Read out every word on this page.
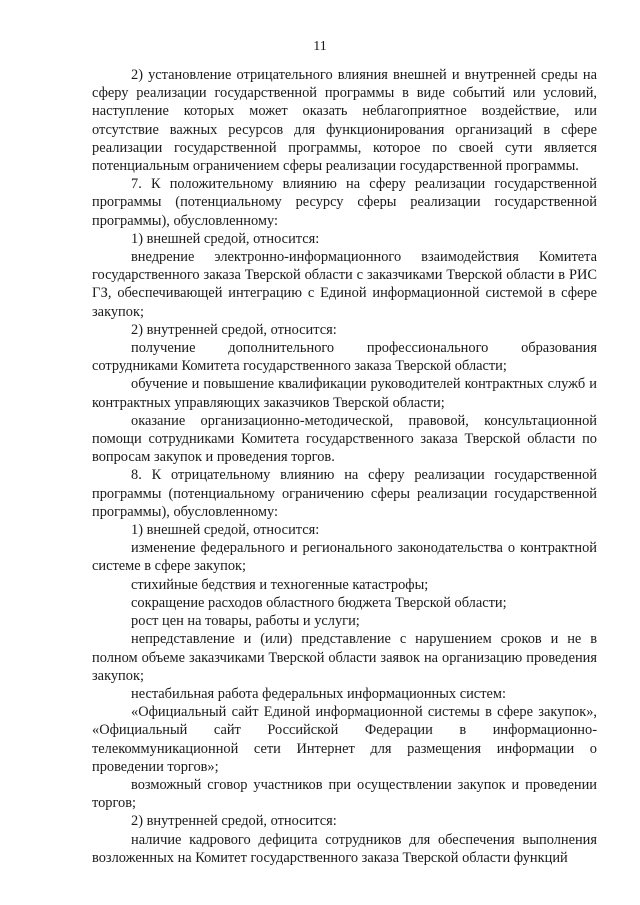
11

2) установление отрицательного влияния внешней и внутренней среды на сферу реализации государственной программы в виде событий или условий, наступление которых может оказать неблагоприятное воздействие, или отсутствие важных ресурсов для функционирования организаций в сфере реализации государственной программы, которое по своей сути является потенциальным ограничением сферы реализации государственной программы.

7. К положительному влиянию на сферу реализации государственной программы (потенциальному ресурсу сферы реализации государственной программы), обусловленному:

1) внешней средой, относится:

внедрение электронно-информационного взаимодействия Комитета государственного заказа Тверской области с заказчиками Тверской области в РИС ГЗ, обеспечивающей интеграцию с Единой информационной системой в сфере закупок;

2) внутренней средой, относится:

получение дополнительного профессионального образования сотрудниками Комитета государственного заказа Тверской области;

обучение и повышение квалификации руководителей контрактных служб и контрактных управляющих заказчиков Тверской области;

оказание организационно-методической, правовой, консультационной помощи сотрудниками Комитета государственного заказа Тверской области по вопросам закупок и проведения торгов.

8. К отрицательному влиянию на сферу реализации государственной программы (потенциальному ограничению сферы реализации государственной программы), обусловленному:

1) внешней средой, относится:

изменение федерального и регионального законодательства о контрактной системе в сфере закупок;

стихийные бедствия и техногенные катастрофы;

сокращение расходов областного бюджета Тверской области;

рост цен на товары, работы и услуги;

непредставление и (или) представление с нарушением сроков и не в полном объеме заказчиками Тверской области заявок на организацию проведения закупок;

нестабильная работа федеральных информационных систем:

«Официальный сайт Единой информационной системы в сфере закупок», «Официальный сайт Российской Федерации в информационно-телекоммуникационной сети Интернет для размещения информации о проведении торгов»;

возможный сговор участников при осуществлении закупок и проведении торгов;

2) внутренней средой, относится:

наличие кадрового дефицита сотрудников для обеспечения выполнения возложенных на Комитет государственного заказа Тверской области функций
